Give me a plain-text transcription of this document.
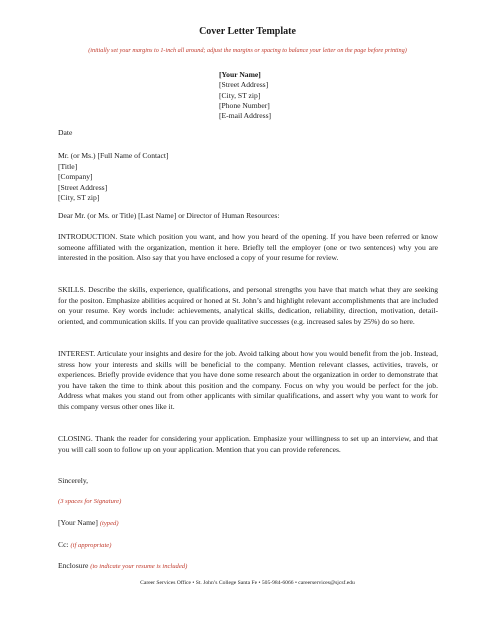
Cover Letter Template
(initially set your margins to 1-inch all around; adjust the margins or spacing to balance your letter on the page before printing)
[Your Name]
[Street Address]
[City, ST zip]
[Phone Number]
[E-mail Address]
Date
Mr. (or Ms.) [Full Name of Contact]
[Title]
[Company]
[Street Address]
[City, ST zip]
Dear Mr. (or Ms. or Title) [Last Name] or Director of Human Resources:
INTRODUCTION. State which position you want, and how you heard of the opening. If you have been referred or know someone affiliated with the organization, mention it here. Briefly tell the employer (one or two sentences) why you are interested in the position. Also say that you have enclosed a copy of your resume for review.
SKILLS. Describe the skills, experience, qualifications, and personal strengths you have that match what they are seeking for the positon. Emphasize abilities acquired or honed at St. John’s and highlight relevant accomplishments that are included on your resume. Key words include: achievements, analytical skills, dedication, reliability, direction, motivation, detail-oriented, and communication skills. If you can provide qualitative successes (e.g. increased sales by 25%) do so here.
INTEREST. Articulate your insights and desire for the job. Avoid talking about how you would benefit from the job. Instead, stress how your interests and skills will be beneficial to the company. Mention relevant classes, activities, travels, or experiences. Briefly provide evidence that you have done some research about the organization in order to demonstrate that you have taken the time to think about this position and the company. Focus on why you would be perfect for the job. Address what makes you stand out from other applicants with similar qualifications, and assert why you want to work for this company versus other ones like it.
CLOSING. Thank the reader for considering your application. Emphasize your willingness to set up an interview, and that you will call soon to follow up on your application. Mention that you can provide references.
Sincerely,
(3 spaces for Signature)
[Your Name] (typed)
Cc: (if appropriate)
Enclosure (to indicate your resume is included)
Career Services Office • St. John’s College Santa Fe • 505-984-6066 • careerservices@sjcsf.edu
